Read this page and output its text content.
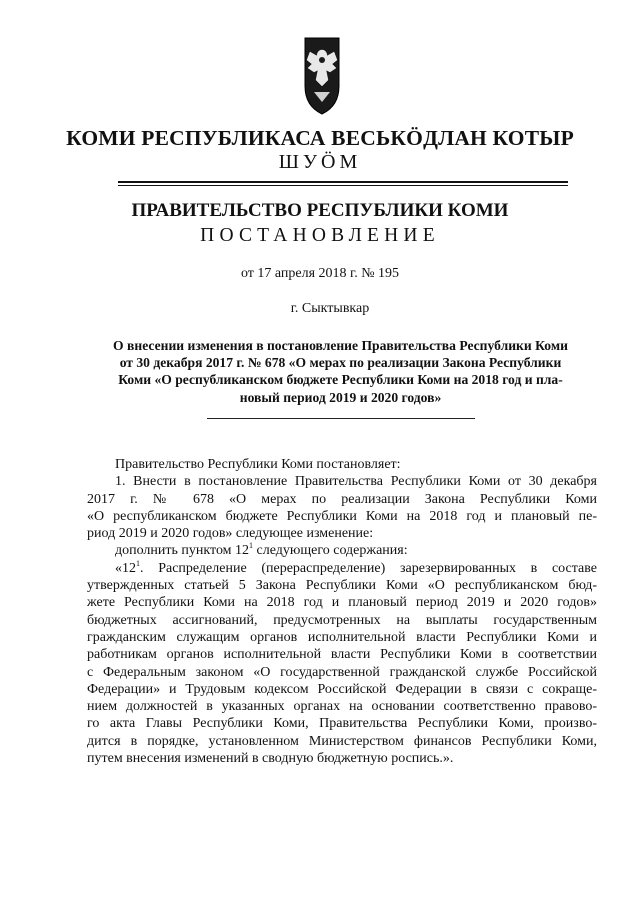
КОМИ РЕСПУБЛИКАСА ВЕСЬКÖДЛАН КОТЫР
ШУÖМ
ПРАВИТЕЛЬСТВО РЕСПУБЛИКИ КОМИ
ПОСТАНОВЛЕНИЕ
от 17 апреля 2018 г. № 195
г. Сыктывкар
О внесении изменения в постановление Правительства Республики Коми
от 30 декабря 2017 г. № 678 «О мерах по реализации Закона Республики
Коми «О республиканском бюджете Республики Коми на 2018 год и пла-
новый период 2019 и 2020 годов»
Правительство Республики Коми постановляет:
1. Внести в постановление Правительства Республики Коми от 30 декабря
2017 г. № 678 «О мерах по реализации Закона Республики Коми
«О республиканском бюджете Республики Коми на 2018 год и плановый пе-
риод 2019 и 2020 годов» следующее изменение:
дополнить пунктом $12^1$ следующего содержания:
«$12^1$. Распределение (перераспределение) зарезервированных в составе
утвержденных статьей 5 Закона Республики Коми «О республиканском бюд-
жете Республики Коми на 2018 год и плановый период 2019 и 2020 годов»
бюджетных ассигнований, предусмотренных на выплаты государственным
гражданским служащим органов исполнительной власти Республики Коми и
работникам органов исполнительной власти Республики Коми в соответствии
с Федеральным законом «О государственной гражданской службе Российской
Федерации» и Трудовым кодексом Российской Федерации в связи с сокраще-
нием должностей в указанных органах на основании соответственно правово-
го акта Главы Республики Коми, Правительства Республики Коми, произво-
дится в порядке, установленном Министерством финансов Республики Коми,
путем внесения изменений в сводную бюджетную роспись.».
